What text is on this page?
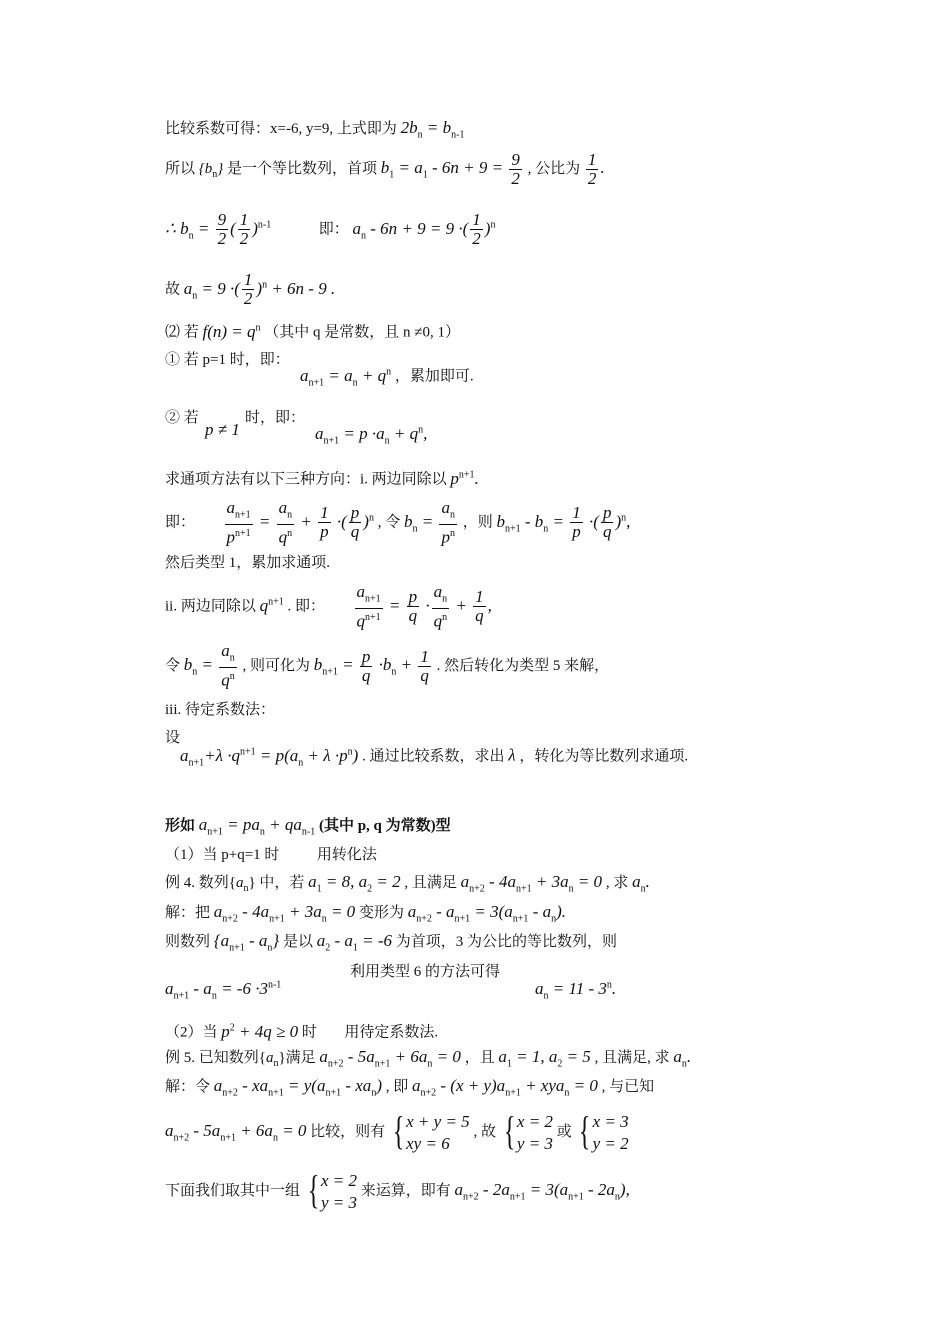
比较系数可得：x=-6, y=9, 上式即为 $2b_n = b_{n-1}$
所以 $\{b_n\}$ 是一个等比数列，首项 $b_1 = a_1 - 6n + 9 = \frac{9}{2}$ , 公比为 $\frac{1}{2}$ .
∴ $b_n = \frac{9}{2}$ ( $\frac{1}{2} )^{n-1}$	即： $a_n - 6n + 9 = 9$ ·( $\frac{1}{2} )^n$
故 $a_n = 9$ ·( $\frac{1}{2} )^n + 6n - 9$ .
⑵ 若 $f(n) = q^n$ （其中 q 是常数，且 n ≠0, 1）
① 若 p=1 时，即：
$a_{n+1} = a_n + q^n$ ，累加即可.
② 若
p ≠ 1
时，即：
$a_{n+1} = p \cdot a_n + q^n$,
求通项方法有以下三种方向：i. 两边同除以 $p^{n+1}$.
即： $\frac{a_{n+1}}{p^{n+1}} = \frac{a_n}{q^n} + \frac{1}{p}$ ·( $\frac{p}{q} )^n$ , 令 $b_n = \frac{a_n}{p^n}$ ，则 $b_{n+1} - b_n = \frac{1}{p}$ ·( $\frac{p}{q} )^n$,
然后类型 1，累加求通项.
ii. 两边同除以 $q^{n+1}$ . 即： $\frac{a_{n+1}}{q^{n+1}} = \frac{p}{q} \cdot \frac{a_n}{q^n} + \frac{1}{q}$ ,
令 $b_n = \frac{a_n}{q^n}$ , 则可化为 $b_{n+1} = \frac{p}{q} \cdot b_n + \frac{1}{q}$ . 然后转化为类型 5 来解，
iii. 待定系数法：
设
$a_{n+1}+\lambda \cdot q^{n+1} = p(a_n + \lambda \cdot p^n)$ . 通过比较系数，求出 λ ，转化为等比数列求通项.
形如 $a_{n+1} = pa_n + qa_{n-1}$ (其中 p, q 为常数)型
（1）当 p+q=1 时	用转化法
例 4. 数列$\{a_n\}$ 中，若 $a_1 = 8$, $a_2 = 2$ , 且满足 $a_{n+2} - 4a_{n+1} + 3a_n = 0$ , 求 $a_n$.
解：把 $a_{n+2} - 4a_{n+1} + 3a_n = 0$ 变形为 $a_{n+2} - a_{n+1} = 3(a_{n+1} - a_n)$.
则数列 $\{a_{n+1} - a_n\}$ 是以 $a_2 - a_1 = -6$ 为首项，3 为公比的等比数列，则
$a_{n+1} - a_n = -6 \cdot 3^{n-1}$
利用类型 6 的方法可得
$a_n = 11 - 3^n$.
（2）当 $p^2 + 4q \ge 0$ 时 用待定系数法.
例 5. 已知数列$\{a_n\}$满足 $a_{n+2} - 5a_{n+1} + 6a_n = 0$ ，且 $a_1 = 1$, $a_2 = 5$ , 且满足, 求 $a_n$.
解：令 $a_{n+2} - xa_{n+1} = y(a_{n+1} - xa_n)$ , 即 $a_{n+2} - (x + y)a_{n+1} + xya_n = 0$ , 与已知
$a_{n+2} - 5a_{n+1} + 6a_n = 0$ 比较，则有 { x + y = 5
xy = 6
, 故 { x = 2
y = 3
或 { x = 3
y = 2
下面我们取其中一组 { x = 2
y = 3
来运算，即有 $a_{n+2} - 2a_{n+1} = 3(a_{n+1} - 2a_n)$,
